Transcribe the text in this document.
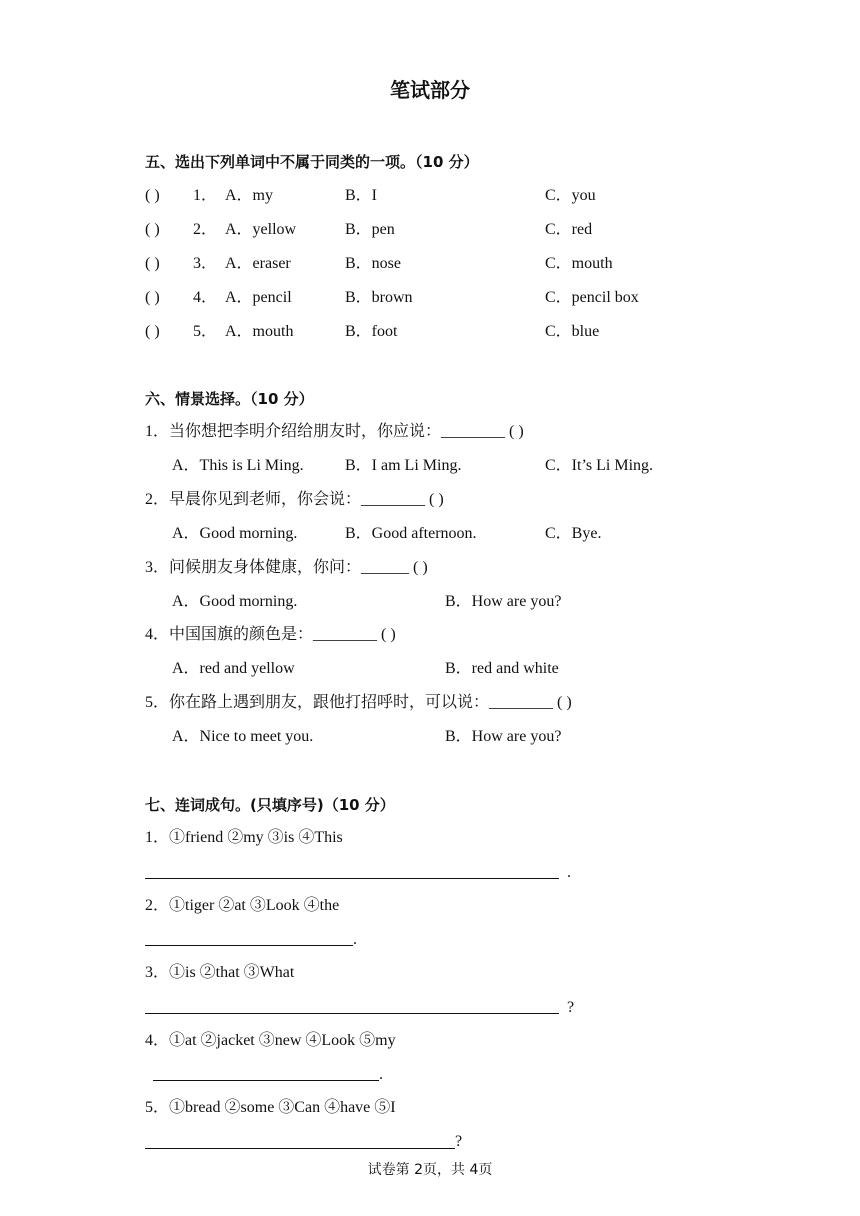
笔试部分
五、选出下列单词中不属于同类的一项。（10 分）
( ) 1． A．my	B．I	C．you
( ) 2． A．yellow	B．pen	C．red
( ) 3． A．eraser	B．nose	C．mouth
( ) 4． A．pencil	B．brown	C．pencil box
( ) 5． A．mouth	B．foot	C．blue
六、情景选择。（10 分）
1．当你想把李明介绍给朋友时，你应说：________ ( )
A．This is Li Ming.	B．I am Li Ming.	C．It’s Li Ming.
2．早晨你见到老师，你会说：________ ( )
A．Good morning.	B．Good afternoon.	C．Bye.
3．问候朋友身体健康，你问：______ ( )
A．Good morning.	B．How are you?
4．中国国旗的颜色是：________ ( )
A．red and yellow	B．red and white
5．你在路上遇到朋友，跟他打招呼时，可以说：________ ( )
A．Nice to meet you.	B．How are you?
七、连词成句。(只填序号)（10 分）
1．①friend ②my ③is ④This
.
2．①tiger ②at ③Look ④the
.
3．①is ②that ③What
?
4．①at ②jacket ③new ④Look ⑤my
.
5．①bread ②some ③Can ④have ⑤I
?
试卷第 2页，共 4页
